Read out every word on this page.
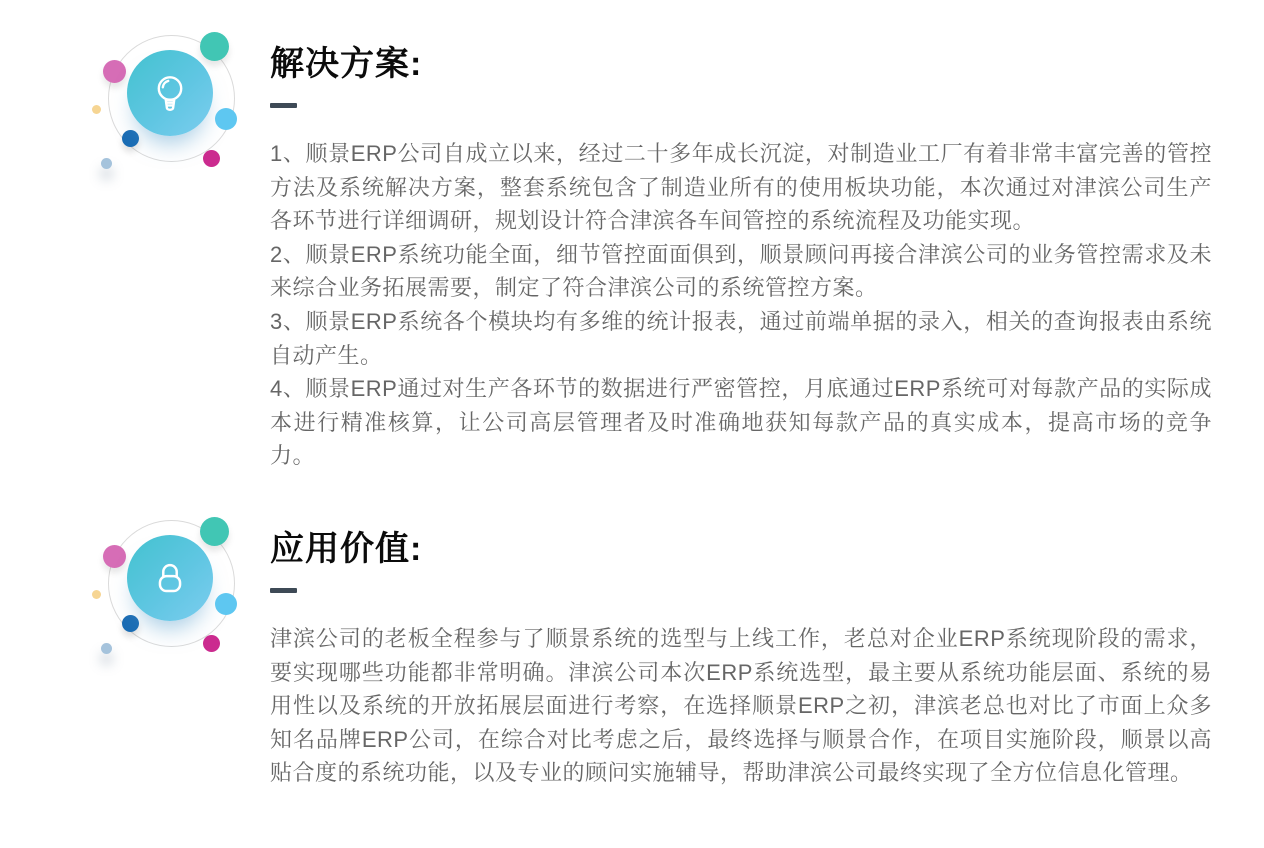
解决方案:

1、顺景ERP公司自成立以来，经过二十多年成长沉淀，对制造业工厂有着非常丰富完善的管控方法及系统解决方案，整套系统包含了制造业所有的使用板块功能，本次通过对津滨公司生产各环节进行详细调研，规划设计符合津滨各车间管控的系统流程及功能实现。

2、顺景ERP系统功能全面，细节管控面面俱到，顺景顾问再接合津滨公司的业务管控需求及未来综合业务拓展需要，制定了符合津滨公司的系统管控方案。

3、顺景ERP系统各个模块均有多维的统计报表，通过前端单据的录入，相关的查询报表由系统自动产生。

4、顺景ERP通过对生产各环节的数据进行严密管控，月底通过ERP系统可对每款产品的实际成本进行精准核算，让公司高层管理者及时准确地获知每款产品的真实成本，提高市场的竞争力。

应用价值:

津滨公司的老板全程参与了顺景系统的选型与上线工作，老总对企业ERP系统现阶段的需求，要实现哪些功能都非常明确。津滨公司本次ERP系统选型，最主要从系统功能层面、系统的易用性以及系统的开放拓展层面进行考察，在选择顺景ERP之初，津滨老总也对比了市面上众多知名品牌ERP公司，在综合对比考虑之后，最终选择与顺景合作，在项目实施阶段，顺景以高贴合度的系统功能，以及专业的顾问实施辅导，帮助津滨公司最终实现了全方位信息化管理。
